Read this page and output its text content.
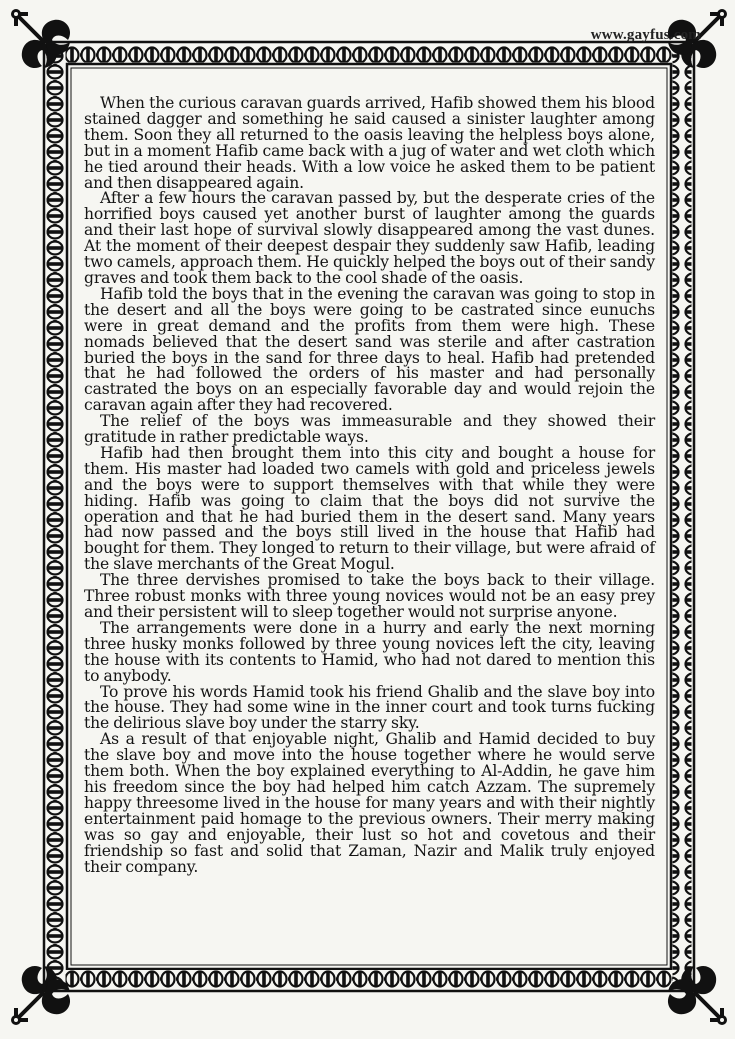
www.gayfus.com

When the curious caravan guards arrived, Hafib showed them his blood stained dagger and something he said caused a sinister laughter among them. Soon they all returned to the oasis leaving the helpless boys alone, but in a moment Hafib came back with a jug of water and wet cloth which he tied around their heads. With a low voice he asked them to be patient and then disappeared again.

After a few hours the caravan passed by, but the desperate cries of the horrified boys caused yet another burst of laughter among the guards and their last hope of survival slowly disappeared among the vast dunes. At the moment of their deepest despair they suddenly saw Hafib, leading two camels, approach them. He quickly helped the boys out of their sandy graves and took them back to the cool shade of the oasis.

Hafib told the boys that in the evening the caravan was going to stop in the desert and all the boys were going to be castrated since eunuchs were in great demand and the profits from them were high. These nomads believed that the desert sand was sterile and after castration buried the boys in the sand for three days to heal. Hafib had pretended that he had followed the orders of his master and had personally castrated the boys on an especially favorable day and would rejoin the caravan again after they had recovered.

The relief of the boys was immeasurable and they showed their gratitude in rather predictable ways.

Hafib had then brought them into this city and bought a house for them. His master had loaded two camels with gold and priceless jewels and the boys were to support themselves with that while they were hiding. Hafib was going to claim that the boys did not survive the operation and that he had buried them in the desert sand. Many years had now passed and the boys still lived in the house that Hafib had bought for them. They longed to return to their village, but were afraid of the slave merchants of the Great Mogul.

The three dervishes promised to take the boys back to their village. Three robust monks with three young novices would not be an easy prey and their persistent will to sleep together would not surprise anyone.

The arrangements were done in a hurry and early the next morning three husky monks followed by three young novices left the city, leaving the house with its contents to Hamid, who had not dared to mention this to anybody.

To prove his words Hamid took his friend Ghalib and the slave boy into the house. They had some wine in the inner court and took turns fucking the delirious slave boy under the starry sky.

As a result of that enjoyable night, Ghalib and Hamid decided to buy the slave boy and move into the house together where he would serve them both. When the boy explained everything to Al-Addin, he gave him his freedom since the boy had helped him catch Azzam. The supremely happy threesome lived in the house for many years and with their nightly entertainment paid homage to the previous owners. Their merry making was so gay and enjoyable, their lust so hot and covetous and their friendship so fast and solid that Zaman, Nazir and Malik truly enjoyed their company.
